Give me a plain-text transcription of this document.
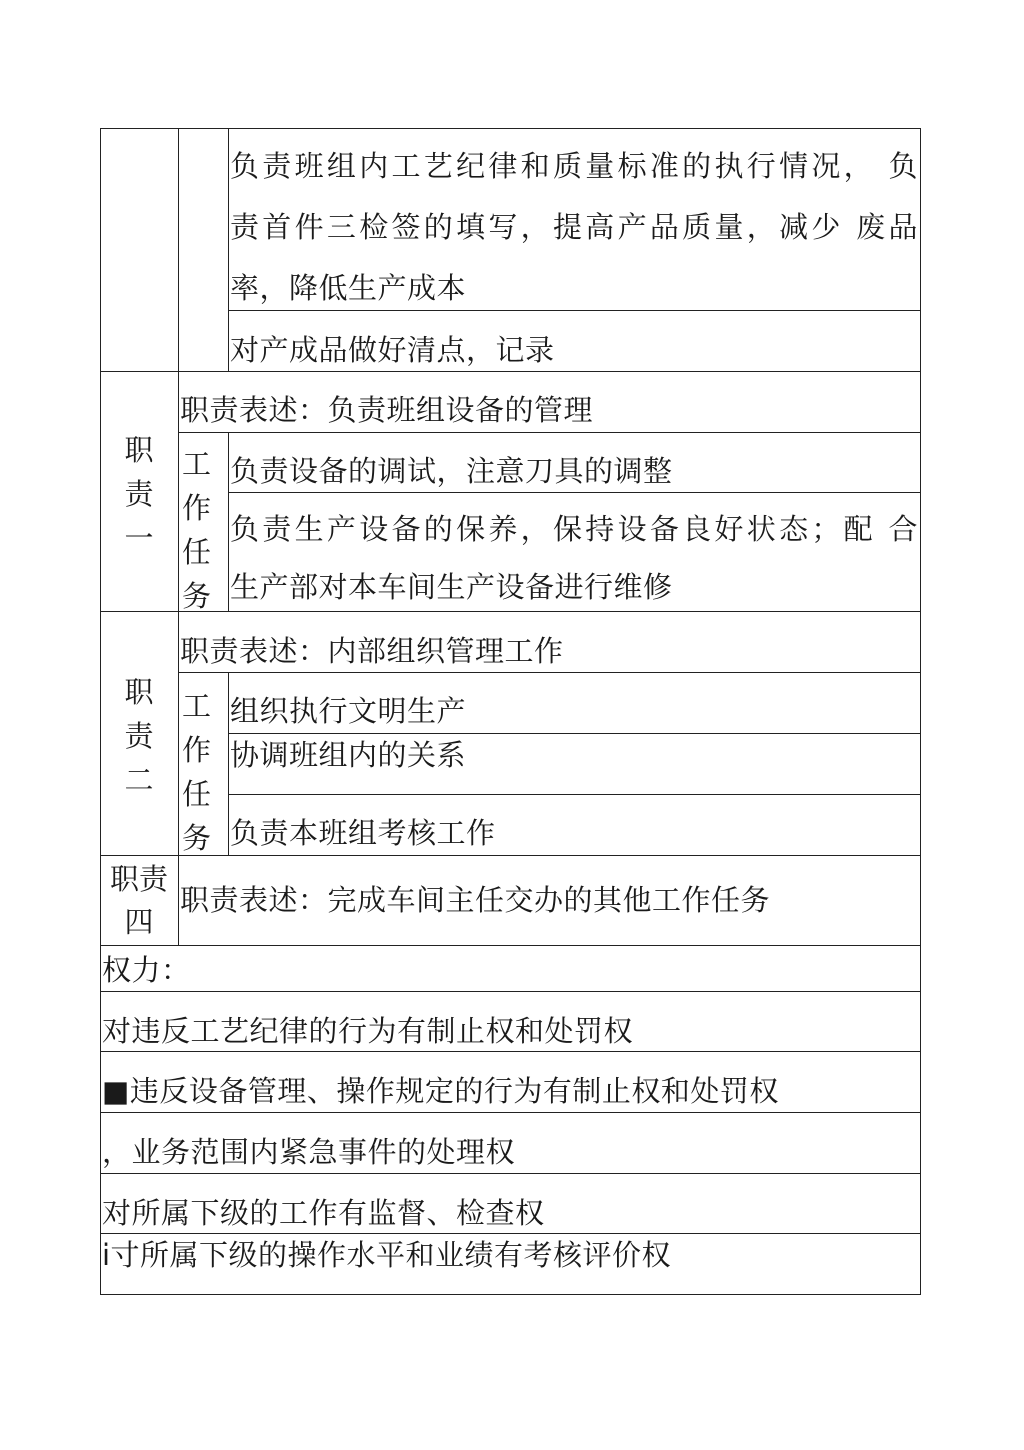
负责班组内工艺纪律和质量标准的执行情况， 负
责首件三检签的填写，提高产品质量，减少 废品
率，降低生产成本
对产成品做好清点，记录
职
责
一
职责表述：负责班组设备的管理
工
作
任
务
负责设备的调试，注意刀具的调整
负责生产设备的保养，保持设备良好状态；配 合
生产部对本车间生产设备进行维修
职
责
二
职责表述：内部组织管理工作
工
作
任
务
组织执行文明生产
协调班组内的关系
负责本班组考核工作
职责
四
职责表述：完成车间主任交办的其他工作任务
权力：
对违反工艺纪律的行为有制止权和处罚权
■违反设备管理、操作规定的行为有制止权和处罚权
，业务范围内紧急事件的处理权
对所属下级的工作有监督、检查权
i寸所属下级的操作水平和业绩有考核评价权
